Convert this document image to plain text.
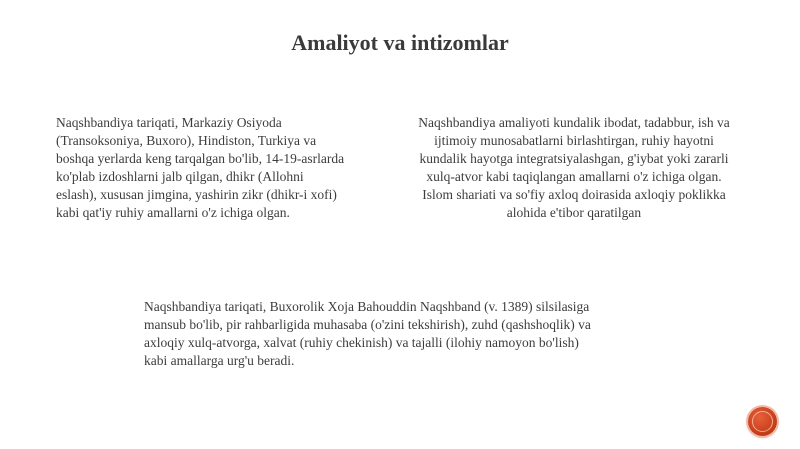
Amaliyot va intizomlar

Naqshbandiya tariqati, Markaziy Osiyoda
(Transoksoniya, Buxoro), Hindiston, Turkiya va
boshqa yerlarda keng tarqalgan bo'lib, 14-19-asrlarda
ko'plab izdoshlarni jalb qilgan, dhikr (Allohni
eslash), xususan jimgina, yashirin zikr (dhikr-i xofi)
kabi qat'iy ruhiy amallarni o'z ichiga olgan.

Naqshbandiya amaliyoti kundalik ibodat, tadabbur, ish va
ijtimoiy munosabatlarni birlashtirgan, ruhiy hayotni
kundalik hayotga integratsiyalashgan, g'iybat yoki zararli
xulq-atvor kabi taqiqlangan amallarni o'z ichiga olgan.
Islom shariati va so'fiy axloq doirasida axloqiy poklikka
alohida e'tibor qaratilgan

Naqshbandiya tariqati, Buxorolik Xoja Bahouddin Naqshband (v. 1389) silsilasiga
mansub bo'lib, pir rahbarligida muhasaba (o'zini tekshirish), zuhd (qashshoqlik) va
axloqiy xulq-atvorga, xalvat (ruhiy chekinish) va tajalli (ilohiy namoyon bo'lish)
kabi amallarga urg'u beradi.
